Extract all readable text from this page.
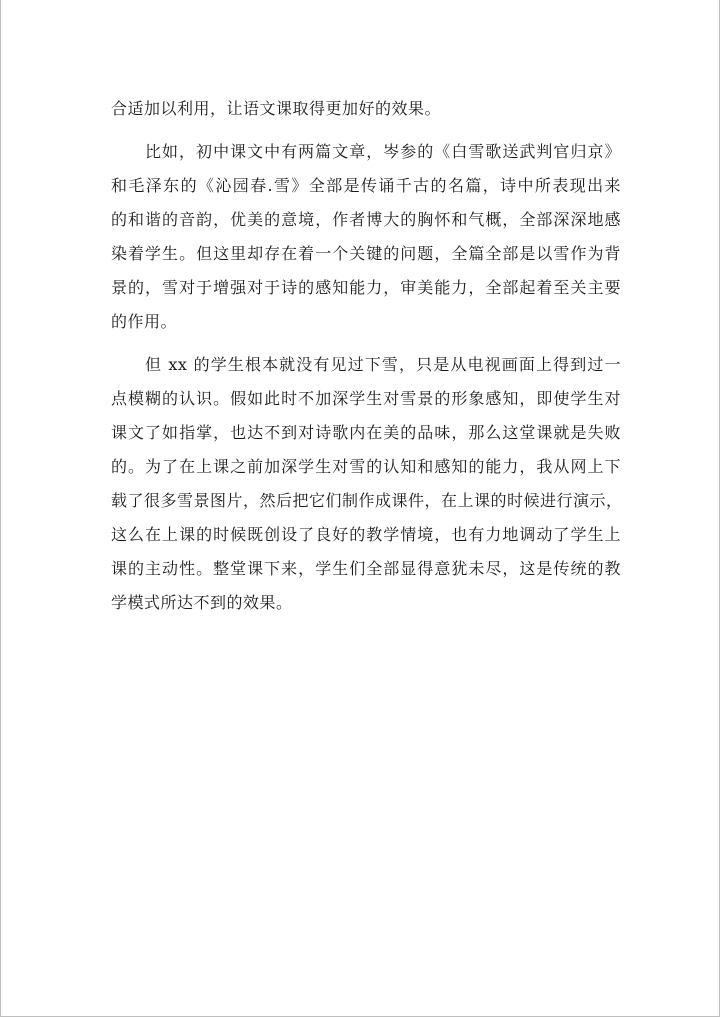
合适加以利用，让语文课取得更加好的效果。
比如，初中课文中有两篇文章，岑参的《白雪歌送武判官归京》
和毛泽东的《沁园春.雪》全部是传诵千古的名篇，诗中所表现出来
的和谐的音韵，优美的意境，作者博大的胸怀和气概，全部深深地感
染着学生。但这里却存在着一个关键的问题，全篇全部是以雪作为背
景的，雪对于增强对于诗的感知能力，审美能力，全部起着至关主要
的作用。
但 xx 的学生根本就没有见过下雪，只是从电视画面上得到过一
点模糊的认识。假如此时不加深学生对雪景的形象感知，即使学生对
课文了如指掌，也达不到对诗歌内在美的品味，那么这堂课就是失败
的。为了在上课之前加深学生对雪的认知和感知的能力，我从网上下
载了很多雪景图片，然后把它们制作成课件，在上课的时候进行演示，
这么在上课的时候既创设了良好的教学情境，也有力地调动了学生上
课的主动性。整堂课下来，学生们全部显得意犹未尽，这是传统的教
学模式所达不到的效果。
